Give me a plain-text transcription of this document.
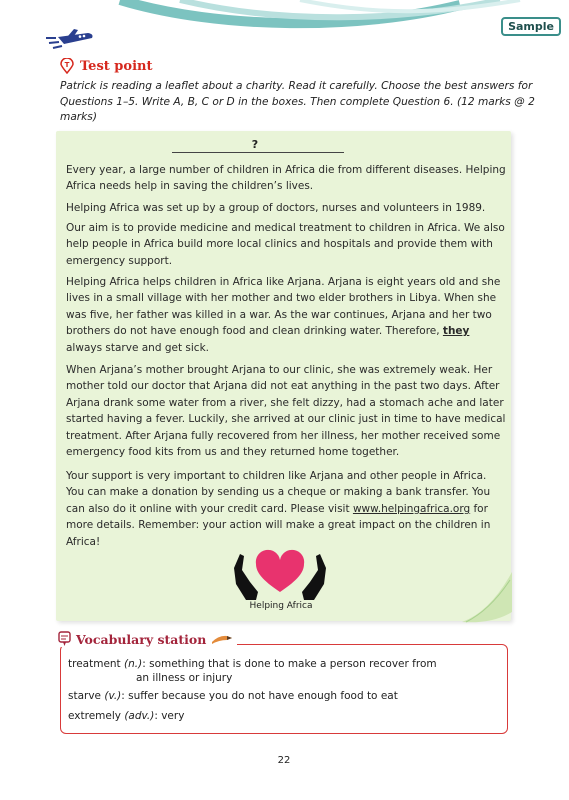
Sample
T Test point
Patrick is reading a leaflet about a charity. Read it carefully. Choose the best answers for Questions 1–5. Write A, B, C or D in the boxes. Then complete Question 6. (12 marks @ 2 marks)
?

Every year, a large number of children in Africa die from different diseases. Helping Africa needs help in saving the children’s lives.

Helping Africa was set up by a group of doctors, nurses and volunteers in 1989.

Our aim is to provide medicine and medical treatment to children in Africa. We also help people in Africa build more local clinics and hospitals and provide them with emergency support.

Helping Africa helps children in Africa like Arjana. Arjana is eight years old and she lives in a small village with her mother and two elder brothers in Libya. When she was five, her father was killed in a war. As the war continues, Arjana and her two brothers do not have enough food and clean drinking water. Therefore, they always starve and get sick.

When Arjana’s mother brought Arjana to our clinic, she was extremely weak. Her mother told our doctor that Arjana did not eat anything in the past two days. After Arjana drank some water from a river, she felt dizzy, had a stomach ache and later started having a fever. Luckily, she arrived at our clinic just in time to have medical treatment. After Arjana fully recovered from her illness, her mother received some emergency food kits from us and they returned home together.

Your support is very important to children like Arjana and other people in Africa. You can make a donation by sending us a cheque or making a bank transfer. You can also do it online with your credit card. Please visit www.helpingafrica.org for more details. Remember: your action will make a great impact on the children in Africa!

Helping Africa
Vocabulary station
treatment (n.): something that is done to make a person recover from
an illness or injury
starve (v.): suffer because you do not have enough food to eat
extremely (adv.): very
22
